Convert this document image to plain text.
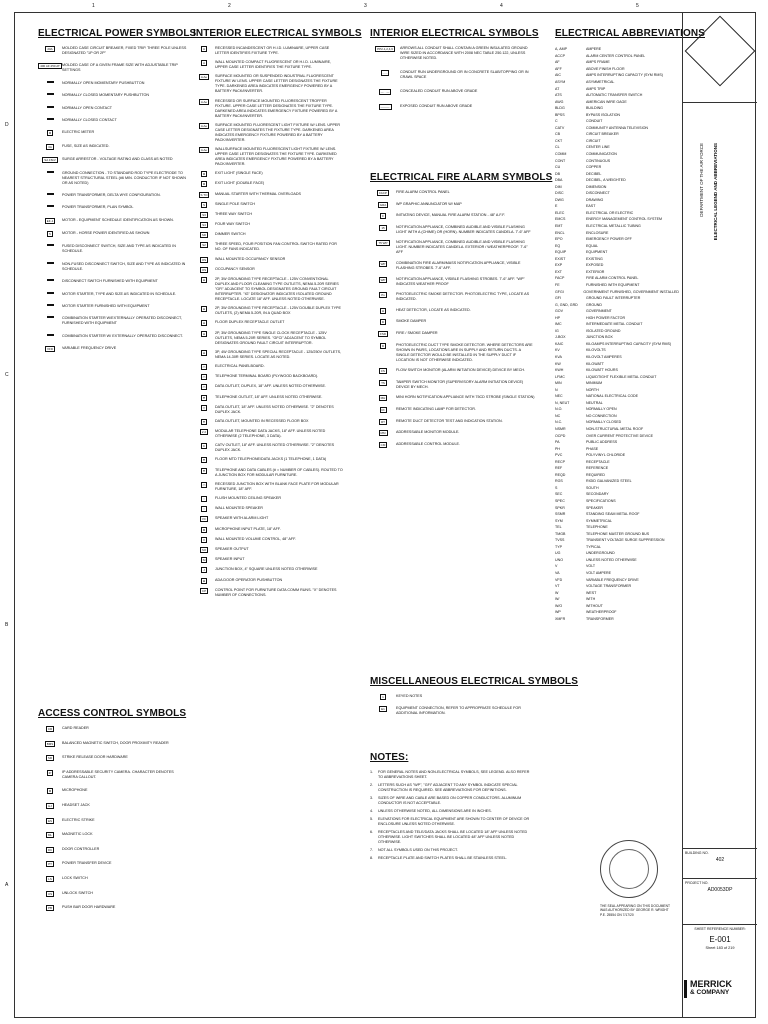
1	2	3	4	5
D
C
B
A
ELECTRICAL POWER SYMBOLS
20A	MOLDED CASE CIRCUIT BREAKER, FIXED TRIP. THREE POLE UNLESS DESIGNATED "1P OR 2P"
400 AF 250 AT MOLDED CASE OF A GIVEN FRAME SIZE WITH ADJUSTABLE TRIP SETTINGS
NORMALLY OPEN MOMENTARY PUSHBUTTON
NORMALLY CLOSED MOMENTARY PUSHBUTTON
NORMALLY OPEN CONTACT
NORMALLY CLOSED CONTACT
M	ELECTRIC METER
3A	FUSE, SIZE AS INDICATED.
SA 15kV	SURGE ARRESTOR - VOLTAGE RATING AND CLASS AS NOTED
GROUND CONNECTION - TO STANDARD ROD TYPE ELECTRODE TO NEAREST STRUCTURAL STEEL (#6 MIN. CONDUCTOR IF NOT SHOWN OR AS NOTED)
POWER TRANSFORMER, DELTA WYE CONFIGURATION.
POWER TRANSFORMER, PLAN SYMBOL
EF-1	MOTOR - EQUIPMENT SCHEDULE IDENTIFICATION AS SHOWN.
5	MOTOR - HORSE POWER IDENTIFIED AS SHOWN
FUSED DISCONNECT SWITCH, SIZE AND TYPE AS INDICATED IN SCHEDULE.
NON-FUSED DISCONNECT SWITCH, SIZE AND TYPE AS INDICATED IN SCHEDULE.
DISCONNECT SWITCH FURNISHED WITH EQUIPMENT
MOTOR STARTER, TYPE AND SIZE AS INDICATED IN SCHEDULE.
MOTOR STARTER FURNISHED WITH EQUIPMENT
COMBINATION STARTER W/EXTERNALLY OPERATED DISCONNECT, FURNISHED WITH EQUIPMENT
COMBINATION STARTER W/ EXTERNALLY OPERATED DISCONNECT.
VFD	VARIABLE FREQUENCY DRIVE
ACCESS CONTROL SYMBOLS
CR	CARD READER
BMS	BALANCED MAGNETIC SWITCH, DOOR PROXIMITY READER
SR	STRIKE RELEASE DOOR HARDWARE
IP	IP ADDRESSABLE SECURITY CAMERA. CHARACTER DENOTES CAMERA CALLOUT.
M	MICROPHONE
HJ	HEADSET JACK
ES	ELECTRIC STRIKE
ML	MAGNETIC LOCK
DC	DOOR CONTROLLER
PT	POWER TRANSFER DEVICE
LS	LOCK SWITCH
US	UNLOCK SWITCH
PB	PUSH BAR DOOR HARDWARE
INTERIOR ELECTRICAL SYMBOLS
A	RECESSED INCANDESCENT OR H.I.D. LUMINAIRE, UPPER CASE LETTER IDENTIFIES FIXTURE TYPE.
A	WALL MOUNTED COMPACT FLUORESCENT OR H.I.D. LUMINAIRE, UPPER CASE LETTER IDENTIFIES THE FIXTURE TYPE.
A Ae	SURFACE MOUNTED OR SUSPENDED INDUSTRIAL FLUORESCENT FIXTURE W/ LENS. UPPER CASE LETTER DESIGNATES THE FIXTURE TYPE. DARKENED AREA INDICATES EMERGENCY POWERED BY A BATTERY PACK/INVERTER.
A Ae	RECESSED OR SURFACE MOUNTED FLUORESCENT TROFFER FIXTURE. UPPER CASE LETTER DESIGNATES THE FIXTURE TYPE. DARKENED AREA INDICATES EMERGENCY FIXTURE POWERED BY A BATTERY PACK/INVERTER.
A Ae	SURFACE MOUNTED FLUORESCENT LIGHT FIXTURE W/ LENS. UPPER CASE LETTER DESIGNATES THE FIXTURE TYPE. DARKENED AREA INDICATES EMERGENCY FIXTURE POWERED BY A BATTERY PACK/INVERTER.
A Ae	WALLSURFACE MOUNTED FLUORESCENT LIGHT FIXTURE W/ LENS. UPPER CASE LETTER DESIGNATES THE FIXTURE TYPE. DARKENED AREA INDICATES EMERGENCY FIXTURE POWERED BY A BATTERY PACK/INVERTER.
⊗	EXIT LIGHT (SINGLE FACE)
⊗	EXIT LIGHT (DOUBLE FACE)
S TO	MANUAL STARTER WITH THERMAL OVERLOADS
S	SINGLE POLE SWITCH
S3	THREE WAY SWITCH
S4	FOUR WAY SWITCH
SD	DIMMER SWITCH
S2	THREE SPEED, FOUR POSITION FAN CONTROL SWITCH RATED FOR NO. OF FANS INDICATED.
OS	WALL MOUNTED OCCUPANCY SENSOR
OS	OCCUPANCY SENSOR
⊖	2P, 3W GROUNDING TYPE RECEPTACLE - 125V CONVENTIONAL DUPLEX AND FLOOR CLEANING TYPE OUTLETS, NEMA 5-20R SERIES "GFI" ADJACENT TO SYMBOL DESIGNATES GROUND FAULT CIRCUIT INTERRUPTER. "IG" DESIGNATOR INDICATES ISOLATED GROUND RECEPTACLE. LOCATE 18" AFF. UNLESS NOTED OTHERWISE.
⊖	2P, 3W GROUNDING TYPE RECEPTACLE - 125V DOUBLE DUPLEX TYPE OUTLETS, (2) NEMA 5-20R, IN A QUAD BOX
⊖	FLOOR DUPLEX RECEPTACLE OUTLET
⊖	2P, 3W GROUNDING TYPE SINGLE CLOCK RECEPTACLE - 125V OUTLETS, NEMA 5-20R SERIES. "GFCI" ADJACENT TO SYMBOL DESIGNATES GROUND FAULT CIRCUIT INTERRUPTOR.
⊖	3P, 4W GROUNDING TYPE SPECIAL RECEPTACLE - 125/250V OUTLETS, NEMA 14-30R SERIES. LOCATE AS NOTED.
▭	ELECTRICAL PANELBOARD.
▭	TELEPHONE TERMINAL BOARD (PLYWOOD BACKBOARD).
▭	DATA OUTLET, DUPLEX, 18" AFF. UNLESS NOTED OTHERWISE.
▼	TELEPHONE OUTLET, 18" AFF. UNLESS NOTED OTHERWISE.
▽	DATA OUTLET, 18" AFF. UNLESS NOTED OTHERWISE. "2" DENOTES DUPLEX JACK.
▼	DATA OUTLET, MOUNTED IN RECESSED FLOOR BOX
2 2	MODULAR TELEPHONE DATA JACKS, 18" AFF. UNLESS NOTED OTHERWISE (2 TELEPHONE, 3 DATA).
C	CATV OUTLET, 18" AFF. UNLESS NOTED OTHERWISE. "2" DENOTES DUPLEX JACK.
▼	FLOOR MTD TELEPHONE/DATA JACKS (1 TELEPHONE, 1 DATA)
▼	TELEPHONE AND DATA CABLES (# = NUMBER OF CABLES). ROUTED TO A JUNCTION BOX FOR MODULAR FURNITURE.
▭	RECESSED JUNCTION BOX WITH BLANK FACE PLATE FOR MODULAR FURNITURE, 18" AFF.
○	FLUSH MOUNTED CEILING SPEAKER
○	WALL MOUNTED SPEAKER
VC	SPEAKER WITH ALARM LIGHT
M	MICROPHONE INPUT PLATE, 18" AFF.
V	WALL MOUNTED VOLUME CONTROL, 48" AFF.
SO	SPEAKER OUTPUT
SI	SPEAKER INPUT
J	JUNCTION BOX, 4" SQUARE UNLESS NOTED OTHERWISE
⊕	ADA DOOR OPERATOR PUSHBUTTON
CP	CONTROL POINT FOR FURNITURE DATA COMM RUNS. "X" DENOTES NUMBER OF CONNECTIONS.
INTERIOR ELECTRICAL SYMBOLS
PP2-1,2,4,6	ARROWS ALL CONDUIT SHALL CONTAIN A GREEN INSULATED GROUND WIRE SIZED IN ACCORDANCE WITH 2008 NEC TABLE 250.122, UNLESS OTHERWISE NOTED.
- - -	CONDUIT RUN UNDERGROUND OR IN CONCRETE SLAB/TOPPING OR IN CRAWL SPACE
— · —	CONCEALED CONDUIT RUN ABOVE GRADE
———	EXPOSED CONDUIT RUN ABOVE GRADE
ELECTRICAL FIRE ALARM SYMBOLS
FACP	FIRE ALARM CONTROL PANEL
GRA	WP GRAPHIC ANNUNCIATOR W/ MAP
F	INITIATING DEVICE, MANUAL FIRE ALARM STATION - 48" A.F.F.
15	NOTIFICATION APPLIANCE, COMBINED AUDIBLE AND VISIBLE FLASHING LIGHT WITH A (CHIME) OR (HORN). NUMBER INDICATES CANDELA. 7'-6" AFF
75 WP	NOTIFICATION APPLIANCE, COMBINED AUDIBLE AND VISIBLE FLASHING LIGHT. NUMBER INDICATES CANDELA. EXTERIOR / WEATHERPROOF. 7'-6" AFF
WP	COMBINATION FIRE ALARM/MASS NOTIFICATION APPLIANCE, VISIBLE FLASHING STROBES. 7'-6" AFF.
WP	NOTIFICATION APPLIANCE, VISIBLE FLASHING STROBES. 7'-6" AFF. "WP" INDICATES WEATHER PROOF
Ps	PHOTOELECTRIC SMOKE DETECTOR. PHOTOELECTRIC TYPE, LOCATE AS INDICATED.
H	HEAT DETECTOR, LOCATE AS INDICATED.
D	SMOKE DAMPER
FSD	FIRE / SMOKE DAMPER
D	PHOTOELECTRIC DUCT TYPE SMOKE DETECTOR. WHERE DETECTORS ARE SHOWN IN PAIRS, LOCATIONS ARE IN SUPPLY AND RETURN DUCTS. A SINGLE DETECTOR WOULD BE INSTALLED IN THE SUPPLY DUCT IF LOCATION IS NOT OTHERWISE INDICATED.
FS	FLOW SWITCH MONITOR (ALARM INITIATION DEVICE) DEVICE BY MECH.
TS	TAMPER SWITCH MONITOR (SUPERVISORY ALARM INITIATION DEVICE) DEVICE BY MECH.
MH	MINI HORN NOTIFICATION APPLIANCE WITH 75CD STROBE (SINGLE STATION)
RI	REMOTE INDICATING LAMP FOR DETECTOR.
RT	REMOTE DUCT DETECTOR TEST AND INDICATION STATION.
MM	ADDRESSABLE MONITOR MODULE.
CM	ADDRESSABLE CONTROL MODULE.
MISCELLANEOUS ELECTRICAL SYMBOLS
1	KEYED NOTES
E1	EQUIPMENT CONNECTION, REFER TO APPROPRIATE SCHEDULE FOR ADDITIONAL INFORMATION.
NOTES:
1.	FOR GENERAL NOTES AND NON-ELECTRICAL SYMBOLS, SEE LEGEND. ALSO REFER TO ABBREVIATIONS SHEET.
2.	LETTERS SUCH AS "WP", "GFI" ADJACENT TO ANY SYMBOL INDICATE SPECIAL CONSTRUCTION IS REQUIRED. SEE ABBREVIATIONS FOR DEFINITIONS.
3.	SIZES OF WIRE AND CABLE ARE BASED ON COPPER CONDUCTORS. ALUMINUM CONDUCTOR IS NOT ACCEPTABLE.
4.	UNLESS OTHERWISE NOTED, ALL DIMENSIONS ARE IN INCHES.
5.	ELEVATIONS FOR ELECTRICAL EQUIPMENT ARE SHOWN TO CENTER OF DEVICE OR ENCLOSURE UNLESS NOTED OTHERWISE.
6.	RECEPTACLES AND TELE/DATA JACKS SHALL BE LOCATED 18" AFF UNLESS NOTED OTHERWISE. LIGHT SWITCHES SHALL BE LOCATED 48" AFF UNLESS NOTED OTHERWISE.
7.	NOT ALL SYMBOLS USED ON THIS PROJECT.
8.	RECEPTACLE PLATE AND SWITCH PLATES SHALL BE STAINLESS STEEL.
ELECTRICAL ABBREVIATIONS
A, AMP	AMPERE
ACCP	ALARM CENTER CONTROL PANEL
AF	AMPS FRAME
AFF	ABOVE FINISH FLOOR
AIC	AMPS INTERRUPTING CAPACITY (SYM RMS)
ASYM	ASYMMETRICAL
AT	AMPS TRIP
ATS	AUTOMATIC TRANSFER SWITCH
AWG	AMERICAN WIRE GAGE
BLDG	BUILDING
BPSS	BYPASS ISOLATION
C	CONDUIT
CATV	COMMUNITY ANTENNA TELEVISION
CB	CIRCUIT BREAKER
CKT	CIRCUIT
CL	CENTER LINE
COMM	COMMUNICATION
CONT	CONTINUOUS
CU	COPPER
DB	DECIBEL
DBA	DECIBEL, A WEIGHTED
DIM	DIMENSION
DISC	DISCONNECT
DWG	DRAWING
E	EAST
ELEC	ELECTRICAL OR ELECTRIC
EMCS	ENERGY MANAGEMENT CONTROL SYSTEM
EMT	ELECTRICAL METALLIC TUBING
ENCL	ENCLOSURE
EPO	EMERGENCY POWER OFF
EQ	EQUAL
EQUIP	EQUIPMENT
EXIST	EXISTING
EXP	EXPOSED
EXT	EXTERIOR
FACP	FIRE ALARM CONTROL PANEL
FE	FURNISHED WITH EQUIPMENT
GFGI	GOVERNMENT FURNISHED, GOVERNMENT INSTALLED
GFI	GROUND FAULT INTERRUPTER
G, GND, GRD	GROUND
GOV	GOVERNMENT
HP	HIGH POWER FACTOR
IMC	INTERMEDIATE METAL CONDUIT
IG	ISOLATED GROUND
J-BOX	JUNCTION BOX
KAIC	KILOAMPS INTERRUPTING CAPACITY (SYM RMS)
KV	KILOVOLTS
KVA	KILOVOLT AMPERES
KW	KILOWATT
KWH	KILOWATT HOURS
LFMC	LIQUIDTIGHT FLEXIBLE METAL CONDUIT
MIN	MINIMUM
N	NORTH
NEC	NATIONAL ELECTRICAL CODE
N, NEUT	NEUTRAL
N.O.	NORMALLY OPEN
NC	NO CONNECTION
N.C.	NORMALLY CLOSED
NSMR	NON-STRUCTURAL METAL ROOF
OCPD	OVER CURRENT PROTECTIVE DEVICE
PA	PUBLIC ADDRESS
PH	PHASE
PVC	POLYVINYL CHLORIDE
RECP	RECEPTACLE
REF	REFERENCE
REQD	REQUIRED
RGS	RIGID GALVANIZED STEEL
S	SOUTH
SEC	SECONDARY
SPEC	SPECIFICATIONS
SPKR	SPEAKER
SSMR	STANDING SEAM METAL ROOF
SYM	SYMMETRICAL
TEL	TELEPHONE
TMGB	TELEPHONE MASTER GROUND BUS
TVSS	TRANSIENT VOLTAGE SURGE SUPPRESSION
TYP	TYPICAL
UG	UNDERGROUND
UNO	UNLESS NOTED OTHERWISE
V	VOLT
VA	VOLT AMPERE
VFD	VARIABLE FREQUENCY DRIVE
VT	VOLTAGE TRANSFORMER
W	WEST
W/	WITH
W/O	WITHOUT
WP	WEATHERPROOF
XMFR	TRANSFORMER
THE SEAL APPEARING ON THIS DOCUMENT WAS AUTHORIZED BY GEORGE R. WRIGHT P.E. 25554 ON 7/17/20
DEPARTMENT OF THE AIR FORCE ELECTRICAL LEGEND AND ABBREVIATIONS
BUILDING NO.
402
PROJECT NO.
AD0053DP
SHEET REFERENCE NUMBER:
E-001
Sheet 183 of 219
MERRICK
& COMPANY
